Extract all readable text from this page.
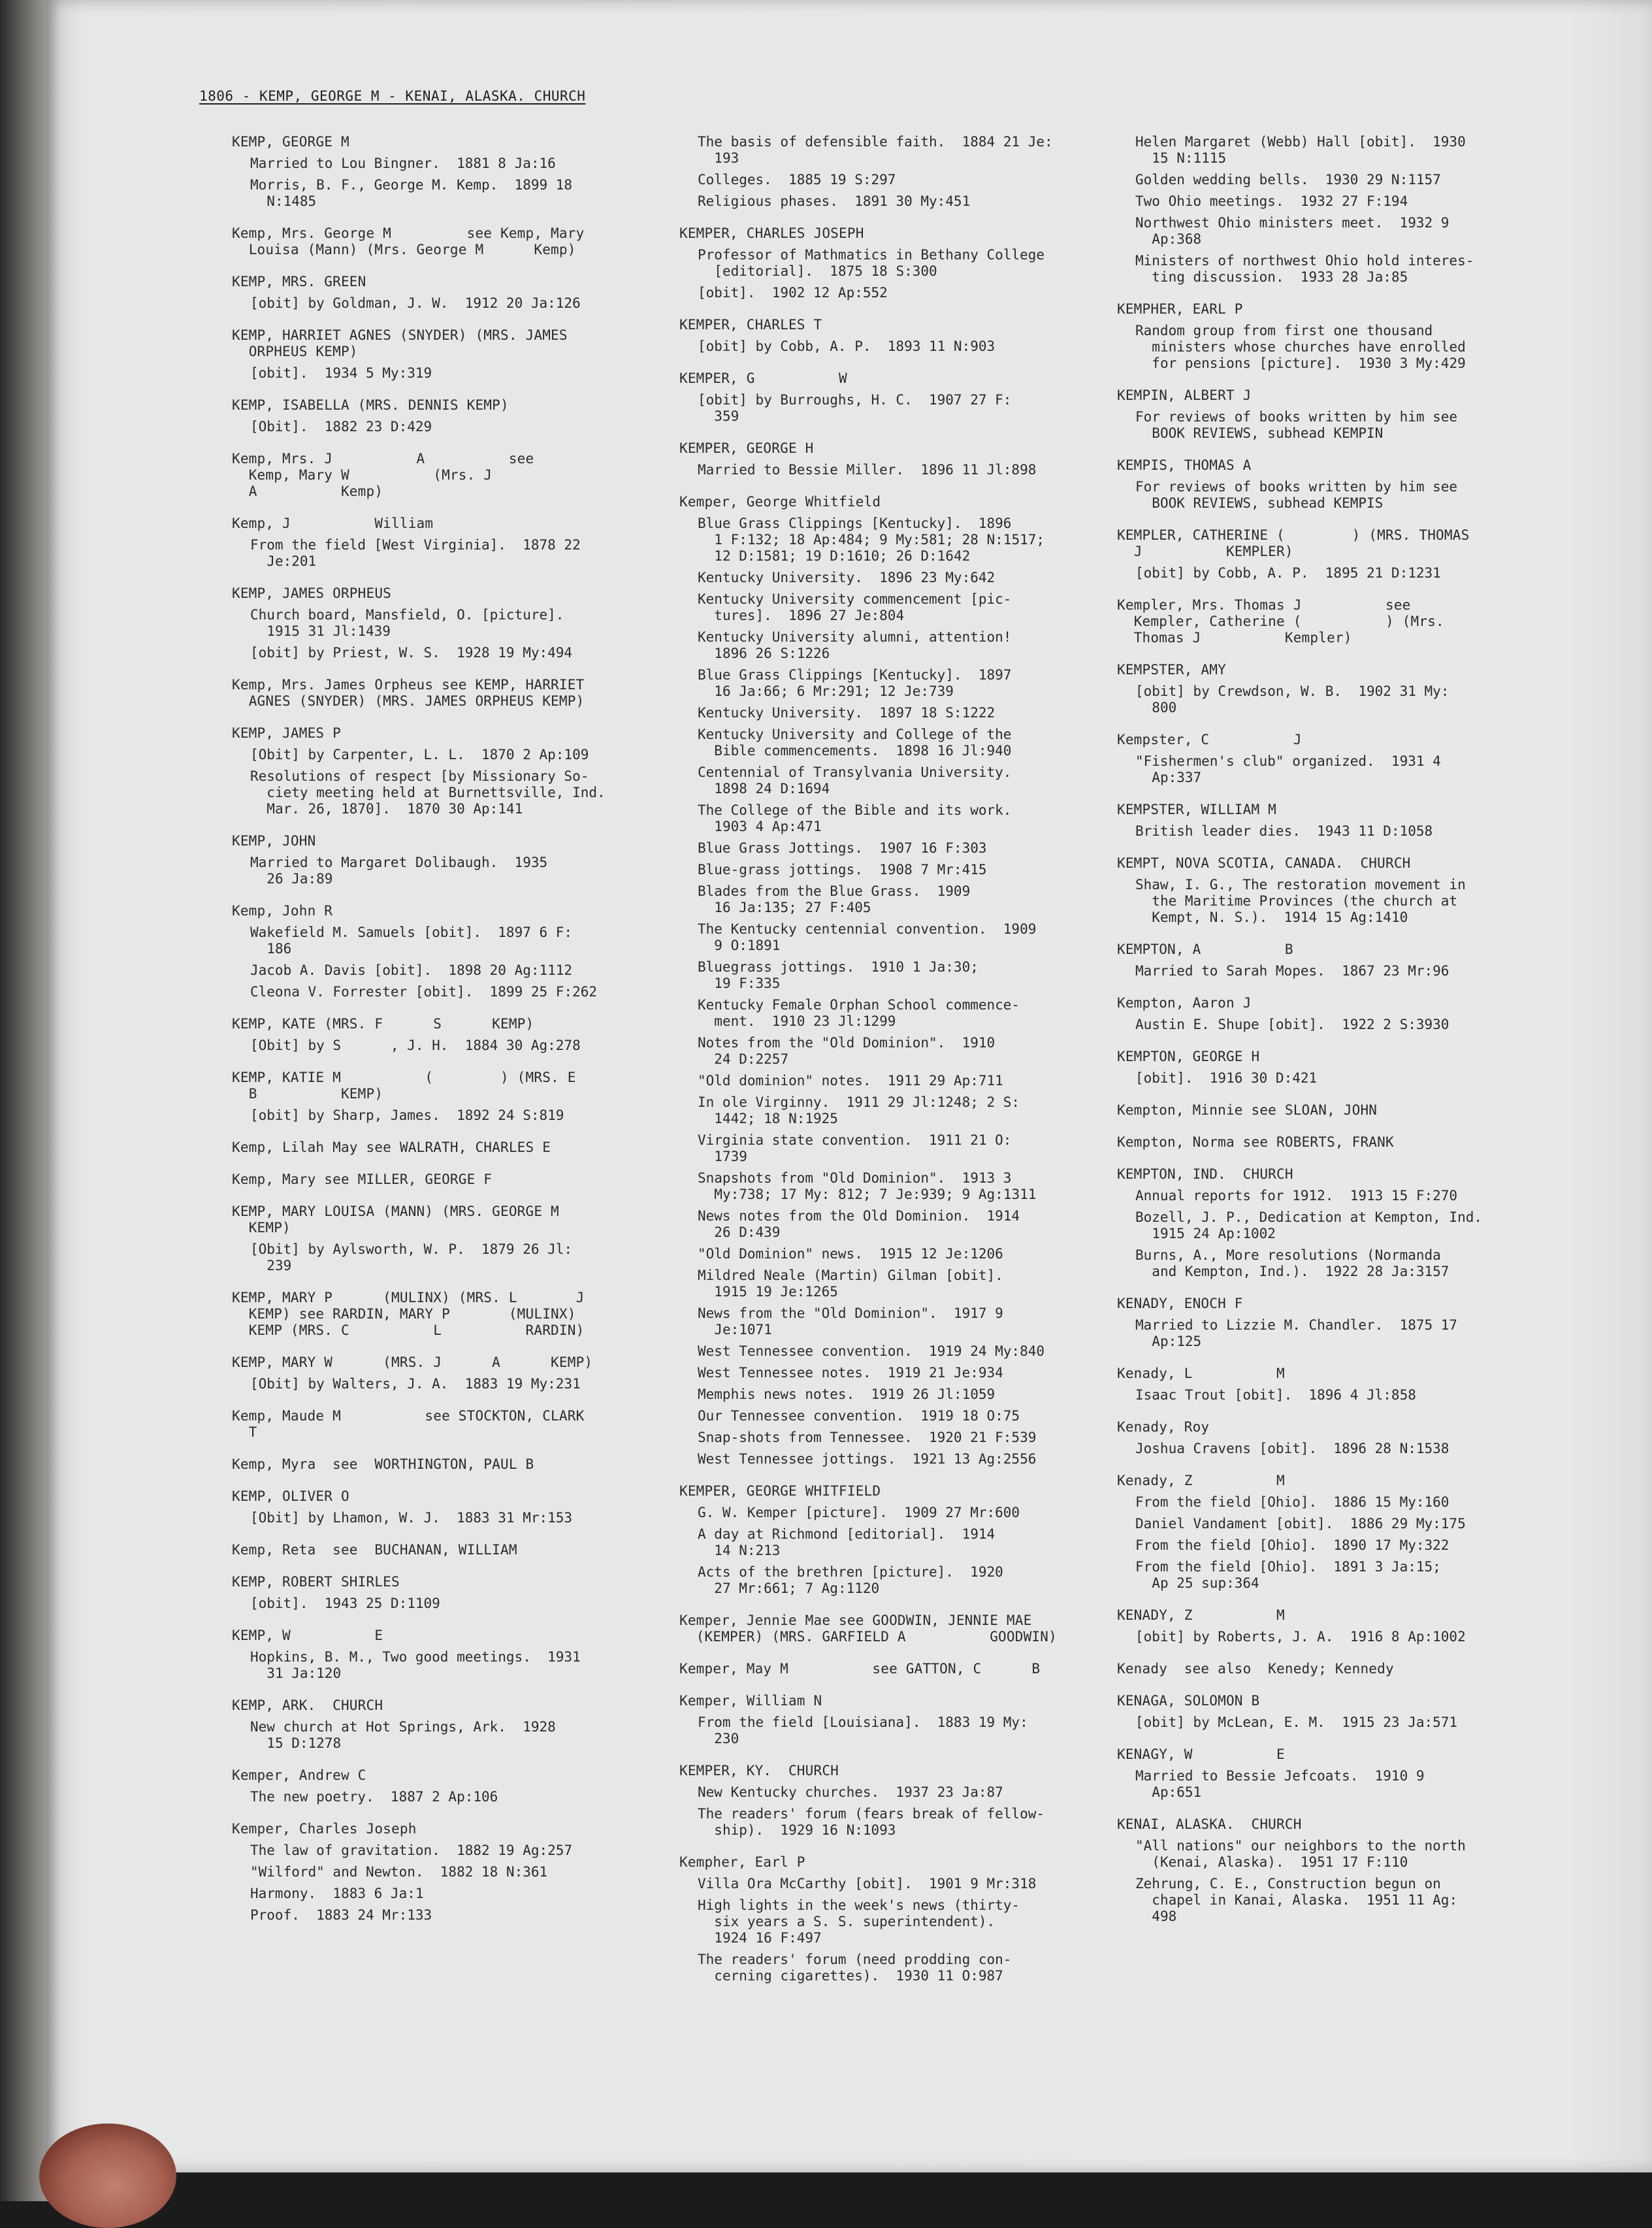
1806 - KEMP, GEORGE M - KENAI, ALASKA. CHURCH
KEMP, GEORGE M
Married to Lou Bingner.  1881 8 Ja:16
Morris, B. F., George M. Kemp.  1899 18
N:1485
Kemp, Mrs. George M         see Kemp, Mary
Louisa (Mann) (Mrs. George M      Kemp)
KEMP, MRS. GREEN
[obit] by Goldman, J. W.  1912 20 Ja:126
KEMP, HARRIET AGNES (SNYDER) (MRS. JAMES
ORPHEUS KEMP)
[obit].  1934 5 My:319
KEMP, ISABELLA (MRS. DENNIS KEMP)
[Obit].  1882 23 D:429
Kemp, Mrs. J          A          see
Kemp, Mary W          (Mrs. J
A          Kemp)
Kemp, J          William
From the field [West Virginia].  1878 22
Je:201
KEMP, JAMES ORPHEUS
Church board, Mansfield, O. [picture].
1915 31 Jl:1439
[obit] by Priest, W. S.  1928 19 My:494
Kemp, Mrs. James Orpheus see KEMP, HARRIET
AGNES (SNYDER) (MRS. JAMES ORPHEUS KEMP)
KEMP, JAMES P
[Obit] by Carpenter, L. L.  1870 2 Ap:109
Resolutions of respect [by Missionary So-
ciety meeting held at Burnettsville, Ind.
Mar. 26, 1870].  1870 30 Ap:141
KEMP, JOHN
Married to Margaret Dolibaugh.  1935
26 Ja:89
Kemp, John R
Wakefield M. Samuels [obit].  1897 6 F:
186
Jacob A. Davis [obit].  1898 20 Ag:1112
Cleona V. Forrester [obit].  1899 25 F:262
KEMP, KATE (MRS. F      S      KEMP)
[Obit] by S      , J. H.  1884 30 Ag:278
KEMP, KATIE M          (        ) (MRS. E
B          KEMP)
[obit] by Sharp, James.  1892 24 S:819
Kemp, Lilah May see WALRATH, CHARLES E
Kemp, Mary see MILLER, GEORGE F
KEMP, MARY LOUISA (MANN) (MRS. GEORGE M
KEMP)
[Obit] by Aylsworth, W. P.  1879 26 Jl:
239
KEMP, MARY P      (MULINX) (MRS. L       J
KEMP) see RARDIN, MARY P       (MULINX)
KEMP (MRS. C          L          RARDIN)
KEMP, MARY W      (MRS. J      A      KEMP)
[Obit] by Walters, J. A.  1883 19 My:231
Kemp, Maude M          see STOCKTON, CLARK
T
Kemp, Myra  see  WORTHINGTON, PAUL B
KEMP, OLIVER O
[Obit] by Lhamon, W. J.  1883 31 Mr:153
Kemp, Reta  see  BUCHANAN, WILLIAM
KEMP, ROBERT SHIRLES
[obit].  1943 25 D:1109
KEMP, W          E
Hopkins, B. M., Two good meetings.  1931
31 Ja:120
KEMP, ARK.  CHURCH
New church at Hot Springs, Ark.  1928
15 D:1278
Kemper, Andrew C
The new poetry.  1887 2 Ap:106
Kemper, Charles Joseph
The law of gravitation.  1882 19 Ag:257
"Wilford" and Newton.  1882 18 N:361
Harmony.  1883 6 Ja:1
Proof.  1883 24 Mr:133
The basis of defensible faith.  1884 21 Je:
193
Colleges.  1885 19 S:297
Religious phases.  1891 30 My:451
KEMPER, CHARLES JOSEPH
Professor of Mathmatics in Bethany College
[editorial].  1875 18 S:300
[obit].  1902 12 Ap:552
KEMPER, CHARLES T
[obit] by Cobb, A. P.  1893 11 N:903
KEMPER, G          W
[obit] by Burroughs, H. C.  1907 27 F:
359
KEMPER, GEORGE H
Married to Bessie Miller.  1896 11 Jl:898
Kemper, George Whitfield
Blue Grass Clippings [Kentucky].  1896
1 F:132; 18 Ap:484; 9 My:581; 28 N:1517;
12 D:1581; 19 D:1610; 26 D:1642
Kentucky University.  1896 23 My:642
Kentucky University commencement [pic-
tures].  1896 27 Je:804
Kentucky University alumni, attention!
1896 26 S:1226
Blue Grass Clippings [Kentucky].  1897
16 Ja:66; 6 Mr:291; 12 Je:739
Kentucky University.  1897 18 S:1222
Kentucky University and College of the
Bible commencements.  1898 16 Jl:940
Centennial of Transylvania University.
1898 24 D:1694
The College of the Bible and its work.
1903 4 Ap:471
Blue Grass Jottings.  1907 16 F:303
Blue-grass jottings.  1908 7 Mr:415
Blades from the Blue Grass.  1909
16 Ja:135; 27 F:405
The Kentucky centennial convention.  1909
9 O:1891
Bluegrass jottings.  1910 1 Ja:30;
19 F:335
Kentucky Female Orphan School commence-
ment.  1910 23 Jl:1299
Notes from the "Old Dominion".  1910
24 D:2257
"Old dominion" notes.  1911 29 Ap:711
In ole Virginny.  1911 29 Jl:1248; 2 S:
1442; 18 N:1925
Virginia state convention.  1911 21 O:
1739
Snapshots from "Old Dominion".  1913 3
My:738; 17 My: 812; 7 Je:939; 9 Ag:1311
News notes from the Old Dominion.  1914
26 D:439
"Old Dominion" news.  1915 12 Je:1206
Mildred Neale (Martin) Gilman [obit].
1915 19 Je:1265
News from the "Old Dominion".  1917 9
Je:1071
West Tennessee convention.  1919 24 My:840
West Tennessee notes.  1919 21 Je:934
Memphis news notes.  1919 26 Jl:1059
Our Tennessee convention.  1919 18 O:75
Snap-shots from Tennessee.  1920 21 F:539
West Tennessee jottings.  1921 13 Ag:2556
KEMPER, GEORGE WHITFIELD
G. W. Kemper [picture].  1909 27 Mr:600
A day at Richmond [editorial].  1914
14 N:213
Acts of the brethren [picture].  1920
27 Mr:661; 7 Ag:1120
Kemper, Jennie Mae see GOODWIN, JENNIE MAE
(KEMPER) (MRS. GARFIELD A          GOODWIN)
Kemper, May M          see GATTON, C      B
Kemper, William N
From the field [Louisiana].  1883 19 My:
230
KEMPER, KY.  CHURCH
New Kentucky churches.  1937 23 Ja:87
The readers' forum (fears break of fellow-
ship).  1929 16 N:1093
Kempher, Earl P
Villa Ora McCarthy [obit].  1901 9 Mr:318
High lights in the week's news (thirty-
six years a S. S. superintendent).
1924 16 F:497
The readers' forum (need prodding con-
cerning cigarettes).  1930 11 O:987
Helen Margaret (Webb) Hall [obit].  1930
15 N:1115
Golden wedding bells.  1930 29 N:1157
Two Ohio meetings.  1932 27 F:194
Northwest Ohio ministers meet.  1932 9
Ap:368
Ministers of northwest Ohio hold interes-
ting discussion.  1933 28 Ja:85
KEMPHER, EARL P
Random group from first one thousand
ministers whose churches have enrolled
for pensions [picture].  1930 3 My:429
KEMPIN, ALBERT J
For reviews of books written by him see
BOOK REVIEWS, subhead KEMPIN
KEMPIS, THOMAS A
For reviews of books written by him see
BOOK REVIEWS, subhead KEMPIS
KEMPLER, CATHERINE (        ) (MRS. THOMAS
J          KEMPLER)
[obit] by Cobb, A. P.  1895 21 D:1231
Kempler, Mrs. Thomas J          see
Kempler, Catherine (          ) (Mrs.
Thomas J          Kempler)
KEMPSTER, AMY
[obit] by Crewdson, W. B.  1902 31 My:
800
Kempster, C          J
"Fishermen's club" organized.  1931 4
Ap:337
KEMPSTER, WILLIAM M
British leader dies.  1943 11 D:1058
KEMPT, NOVA SCOTIA, CANADA.  CHURCH
Shaw, I. G., The restoration movement in
the Maritime Provinces (the church at
Kempt, N. S.).  1914 15 Ag:1410
KEMPTON, A          B
Married to Sarah Mopes.  1867 23 Mr:96
Kempton, Aaron J
Austin E. Shupe [obit].  1922 2 S:3930
KEMPTON, GEORGE H
[obit].  1916 30 D:421
Kempton, Minnie see SLOAN, JOHN
Kempton, Norma see ROBERTS, FRANK
KEMPTON, IND.  CHURCH
Annual reports for 1912.  1913 15 F:270
Bozell, J. P., Dedication at Kempton, Ind.
1915 24 Ap:1002
Burns, A., More resolutions (Normanda
and Kempton, Ind.).  1922 28 Ja:3157
KENADY, ENOCH F
Married to Lizzie M. Chandler.  1875 17
Ap:125
Kenady, L          M
Isaac Trout [obit].  1896 4 Jl:858
Kenady, Roy
Joshua Cravens [obit].  1896 28 N:1538
Kenady, Z          M
From the field [Ohio].  1886 15 My:160
Daniel Vandament [obit].  1886 29 My:175
From the field [Ohio].  1890 17 My:322
From the field [Ohio].  1891 3 Ja:15;
Ap 25 sup:364
KENADY, Z          M
[obit] by Roberts, J. A.  1916 8 Ap:1002
Kenady  see also  Kenedy; Kennedy
KENAGA, SOLOMON B
[obit] by McLean, E. M.  1915 23 Ja:571
KENAGY, W          E
Married to Bessie Jefcoats.  1910 9
Ap:651
KENAI, ALASKA.  CHURCH
"All nations" our neighbors to the north
(Kenai, Alaska).  1951 17 F:110
Zehrung, C. E., Construction begun on
chapel in Kanai, Alaska.  1951 11 Ag:
498
